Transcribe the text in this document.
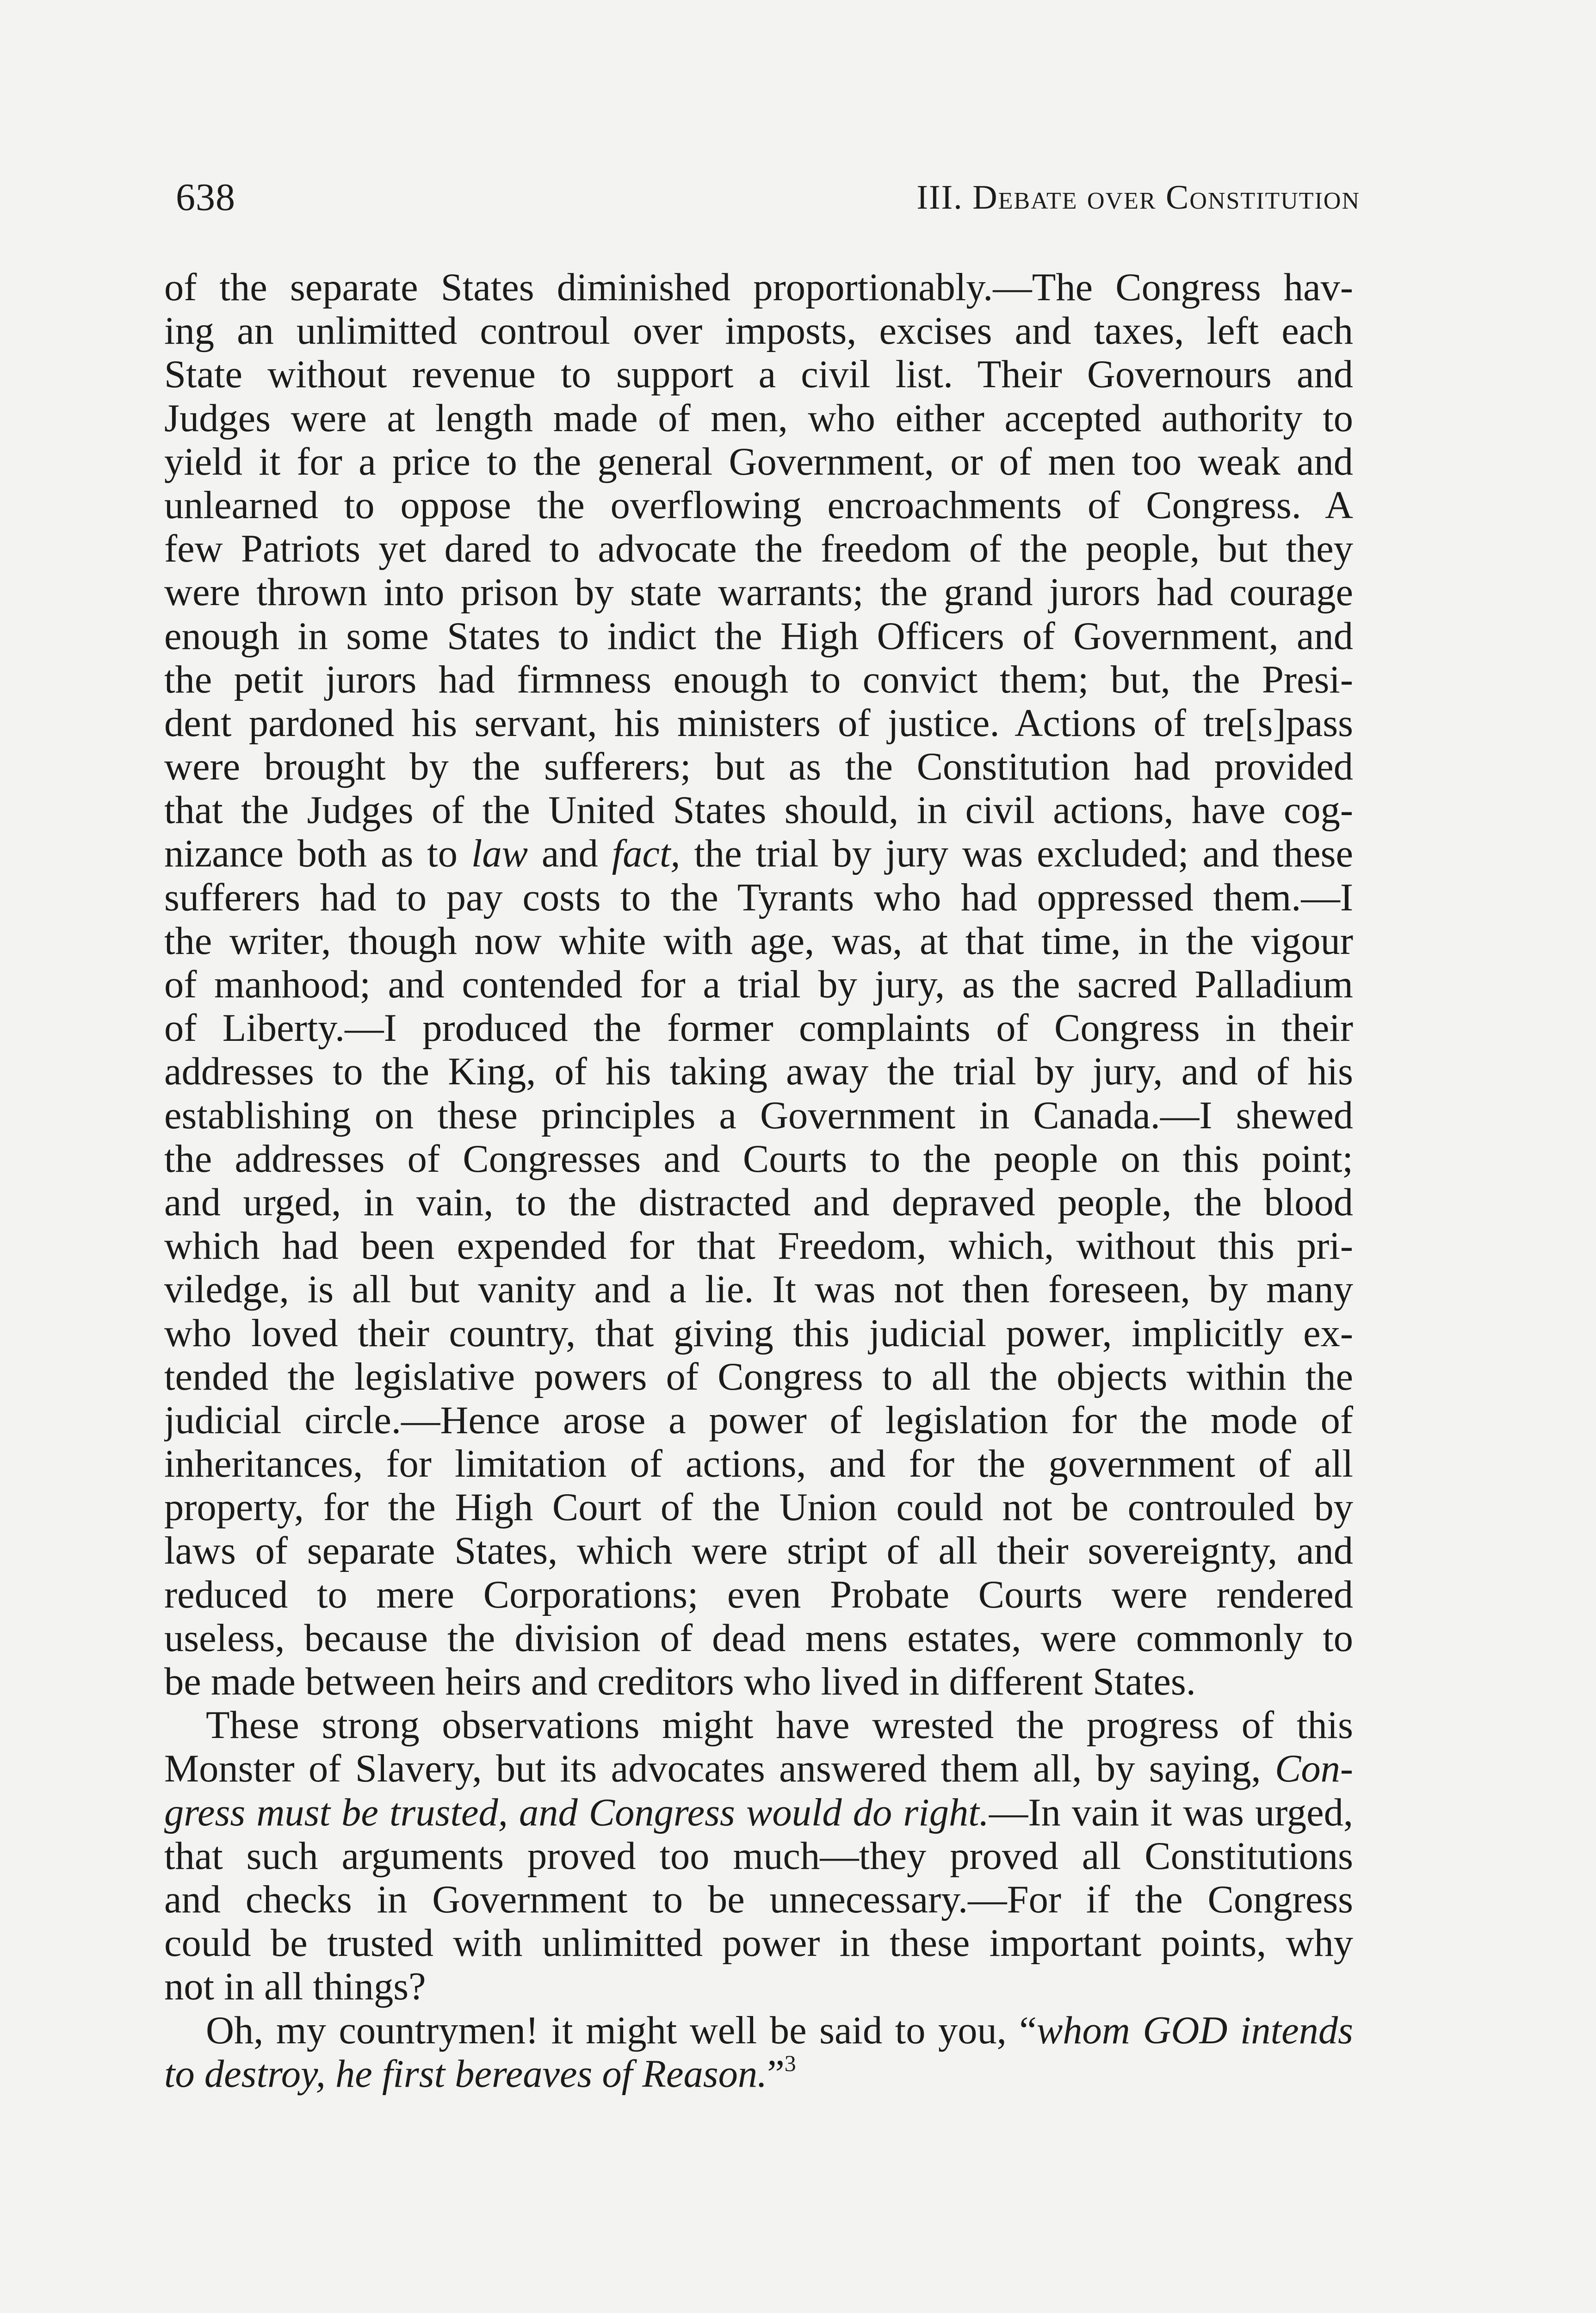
638	III. Debate over Constitution
of the separate States diminished proportionably.—The Congress hav-
ing an unlimitted controul over imposts, excises and taxes, left each
State without revenue to support a civil list. Their Governours and
Judges were at length made of men, who either accepted authority to
yield it for a price to the general Government, or of men too weak and
unlearned to oppose the overflowing encroachments of Congress. A
few Patriots yet dared to advocate the freedom of the people, but they
were thrown into prison by state warrants; the grand jurors had courage
enough in some States to indict the High Officers of Government, and
the petit jurors had firmness enough to convict them; but, the Presi-
dent pardoned his servant, his ministers of justice. Actions of tre[s]pass
were brought by the sufferers; but as the Constitution had provided
that the Judges of the United States should, in civil actions, have cog-
nizance both as to law and fact, the trial by jury was excluded; and these
sufferers had to pay costs to the Tyrants who had oppressed them.—I
the writer, though now white with age, was, at that time, in the vigour
of manhood; and contended for a trial by jury, as the sacred Palladium
of Liberty.—I produced the former complaints of Congress in their
addresses to the King, of his taking away the trial by jury, and of his
establishing on these principles a Government in Canada.—I shewed
the addresses of Congresses and Courts to the people on this point;
and urged, in vain, to the distracted and depraved people, the blood
which had been expended for that Freedom, which, without this pri-
viledge, is all but vanity and a lie. It was not then foreseen, by many
who loved their country, that giving this judicial power, implicitly ex-
tended the legislative powers of Congress to all the objects within the
judicial circle.—Hence arose a power of legislation for the mode of
inheritances, for limitation of actions, and for the government of all
property, for the High Court of the Union could not be controuled by
laws of separate States, which were stript of all their sovereignty, and
reduced to mere Corporations; even Probate Courts were rendered
useless, because the division of dead mens estates, were commonly to
be made between heirs and creditors who lived in different States.
These strong observations might have wrested the progress of this
Monster of Slavery, but its advocates answered them all, by saying, Con-
gress must be trusted, and Congress would do right.—In vain it was urged,
that such arguments proved too much—they proved all Constitutions
and checks in Government to be unnecessary.—For if the Congress
could be trusted with unlimitted power in these important points, why
not in all things?
Oh, my countrymen! it might well be said to you, “whom GOD intends
to destroy, he first bereaves of Reason.”$^3$
